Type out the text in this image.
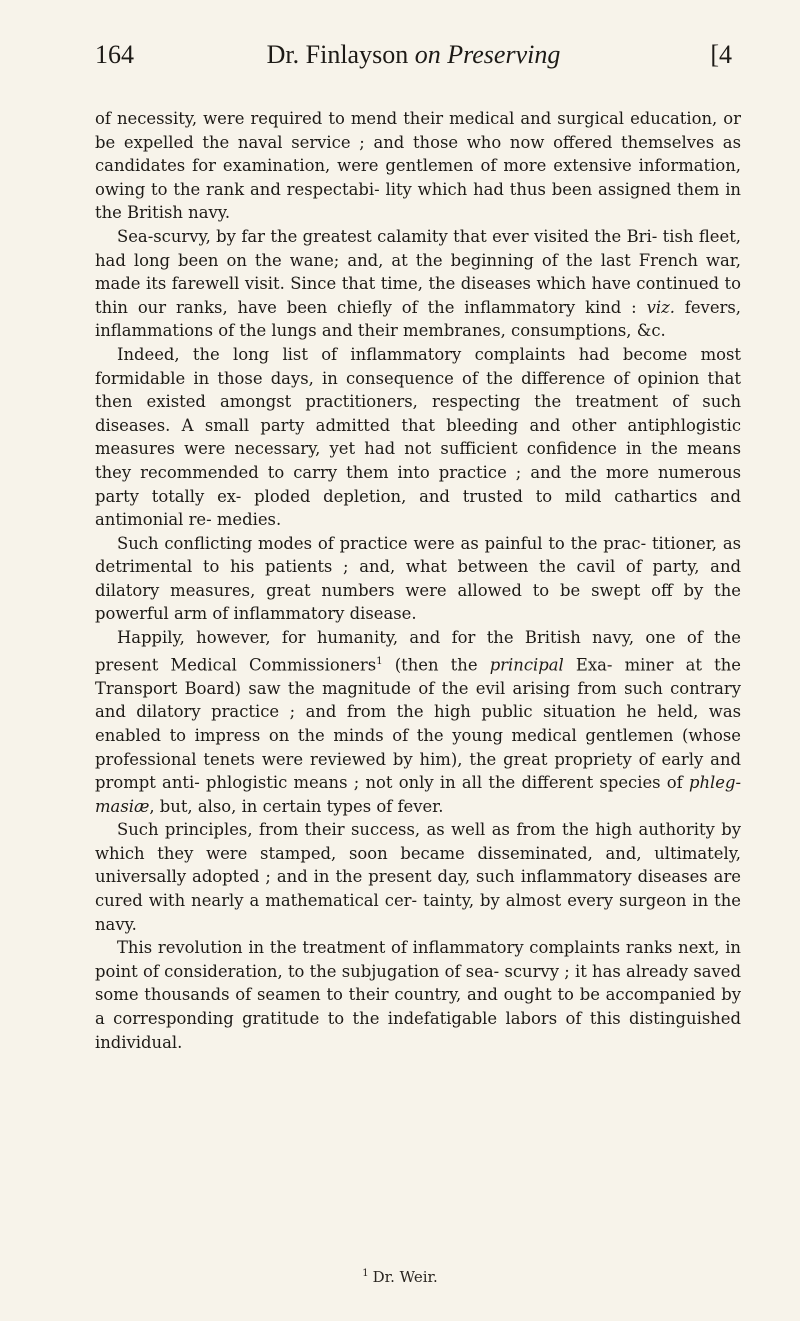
164	Dr. Finlayson on Preserving	[4

of necessity, were required to mend their medical and surgical education, or be expelled the naval service ; and those who now offered themselves as candidates for examination, were gentlemen of more extensive information, owing to the rank and respectabi- lity which had thus been assigned them in the British navy.

Sea-scurvy, by far the greatest calamity that ever visited the Bri- tish fleet, had long been on the wane; and, at the beginning of the last French war, made its farewell visit. Since that time, the diseases which have continued to thin our ranks, have been chiefly of the inflammatory kind : viz. fevers, inflammations of the lungs and their membranes, consumptions, &c.

Indeed, the long list of inflammatory complaints had become most formidable in those days, in consequence of the difference of opinion that then existed amongst practitioners, respecting the treatment of such diseases. A small party admitted that bleeding and other antiphlogistic measures were necessary, yet had not sufficient confidence in the means they recommended to carry them into practice ; and the more numerous party totally ex- ploded depletion, and trusted to mild cathartics and antimonial re- medies.

Such conflicting modes of practice were as painful to the prac- titioner, as detrimental to his patients ; and, what between the cavil of party, and dilatory measures, great numbers were allowed to be swept off by the powerful arm of inflammatory disease.

Happily, however, for humanity, and for the British navy, one of the present Medical Commissioners$^1$ (then the principal Exa- miner at the Transport Board) saw the magnitude of the evil arising from such contrary and dilatory practice ; and from the high public situation he held, was enabled to impress on the minds of the young medical gentlemen (whose professional tenets were reviewed by him), the great propriety of early and prompt anti- phlogistic means ; not only in all the different species of phleg- masiæ, but, also, in certain types of fever.

Such principles, from their success, as well as from the high authority by which they were stamped, soon became disseminated, and, ultimately, universally adopted ; and in the present day, such inflammatory diseases are cured with nearly a mathematical cer- tainty, by almost every surgeon in the navy.

This revolution in the treatment of inflammatory complaints ranks next, in point of consideration, to the subjugation of sea- scurvy ; it has already saved some thousands of seamen to their country, and ought to be accompanied by a corresponding gratitude to the indefatigable labors of this distinguished individual.

$^1$ Dr. Weir.
